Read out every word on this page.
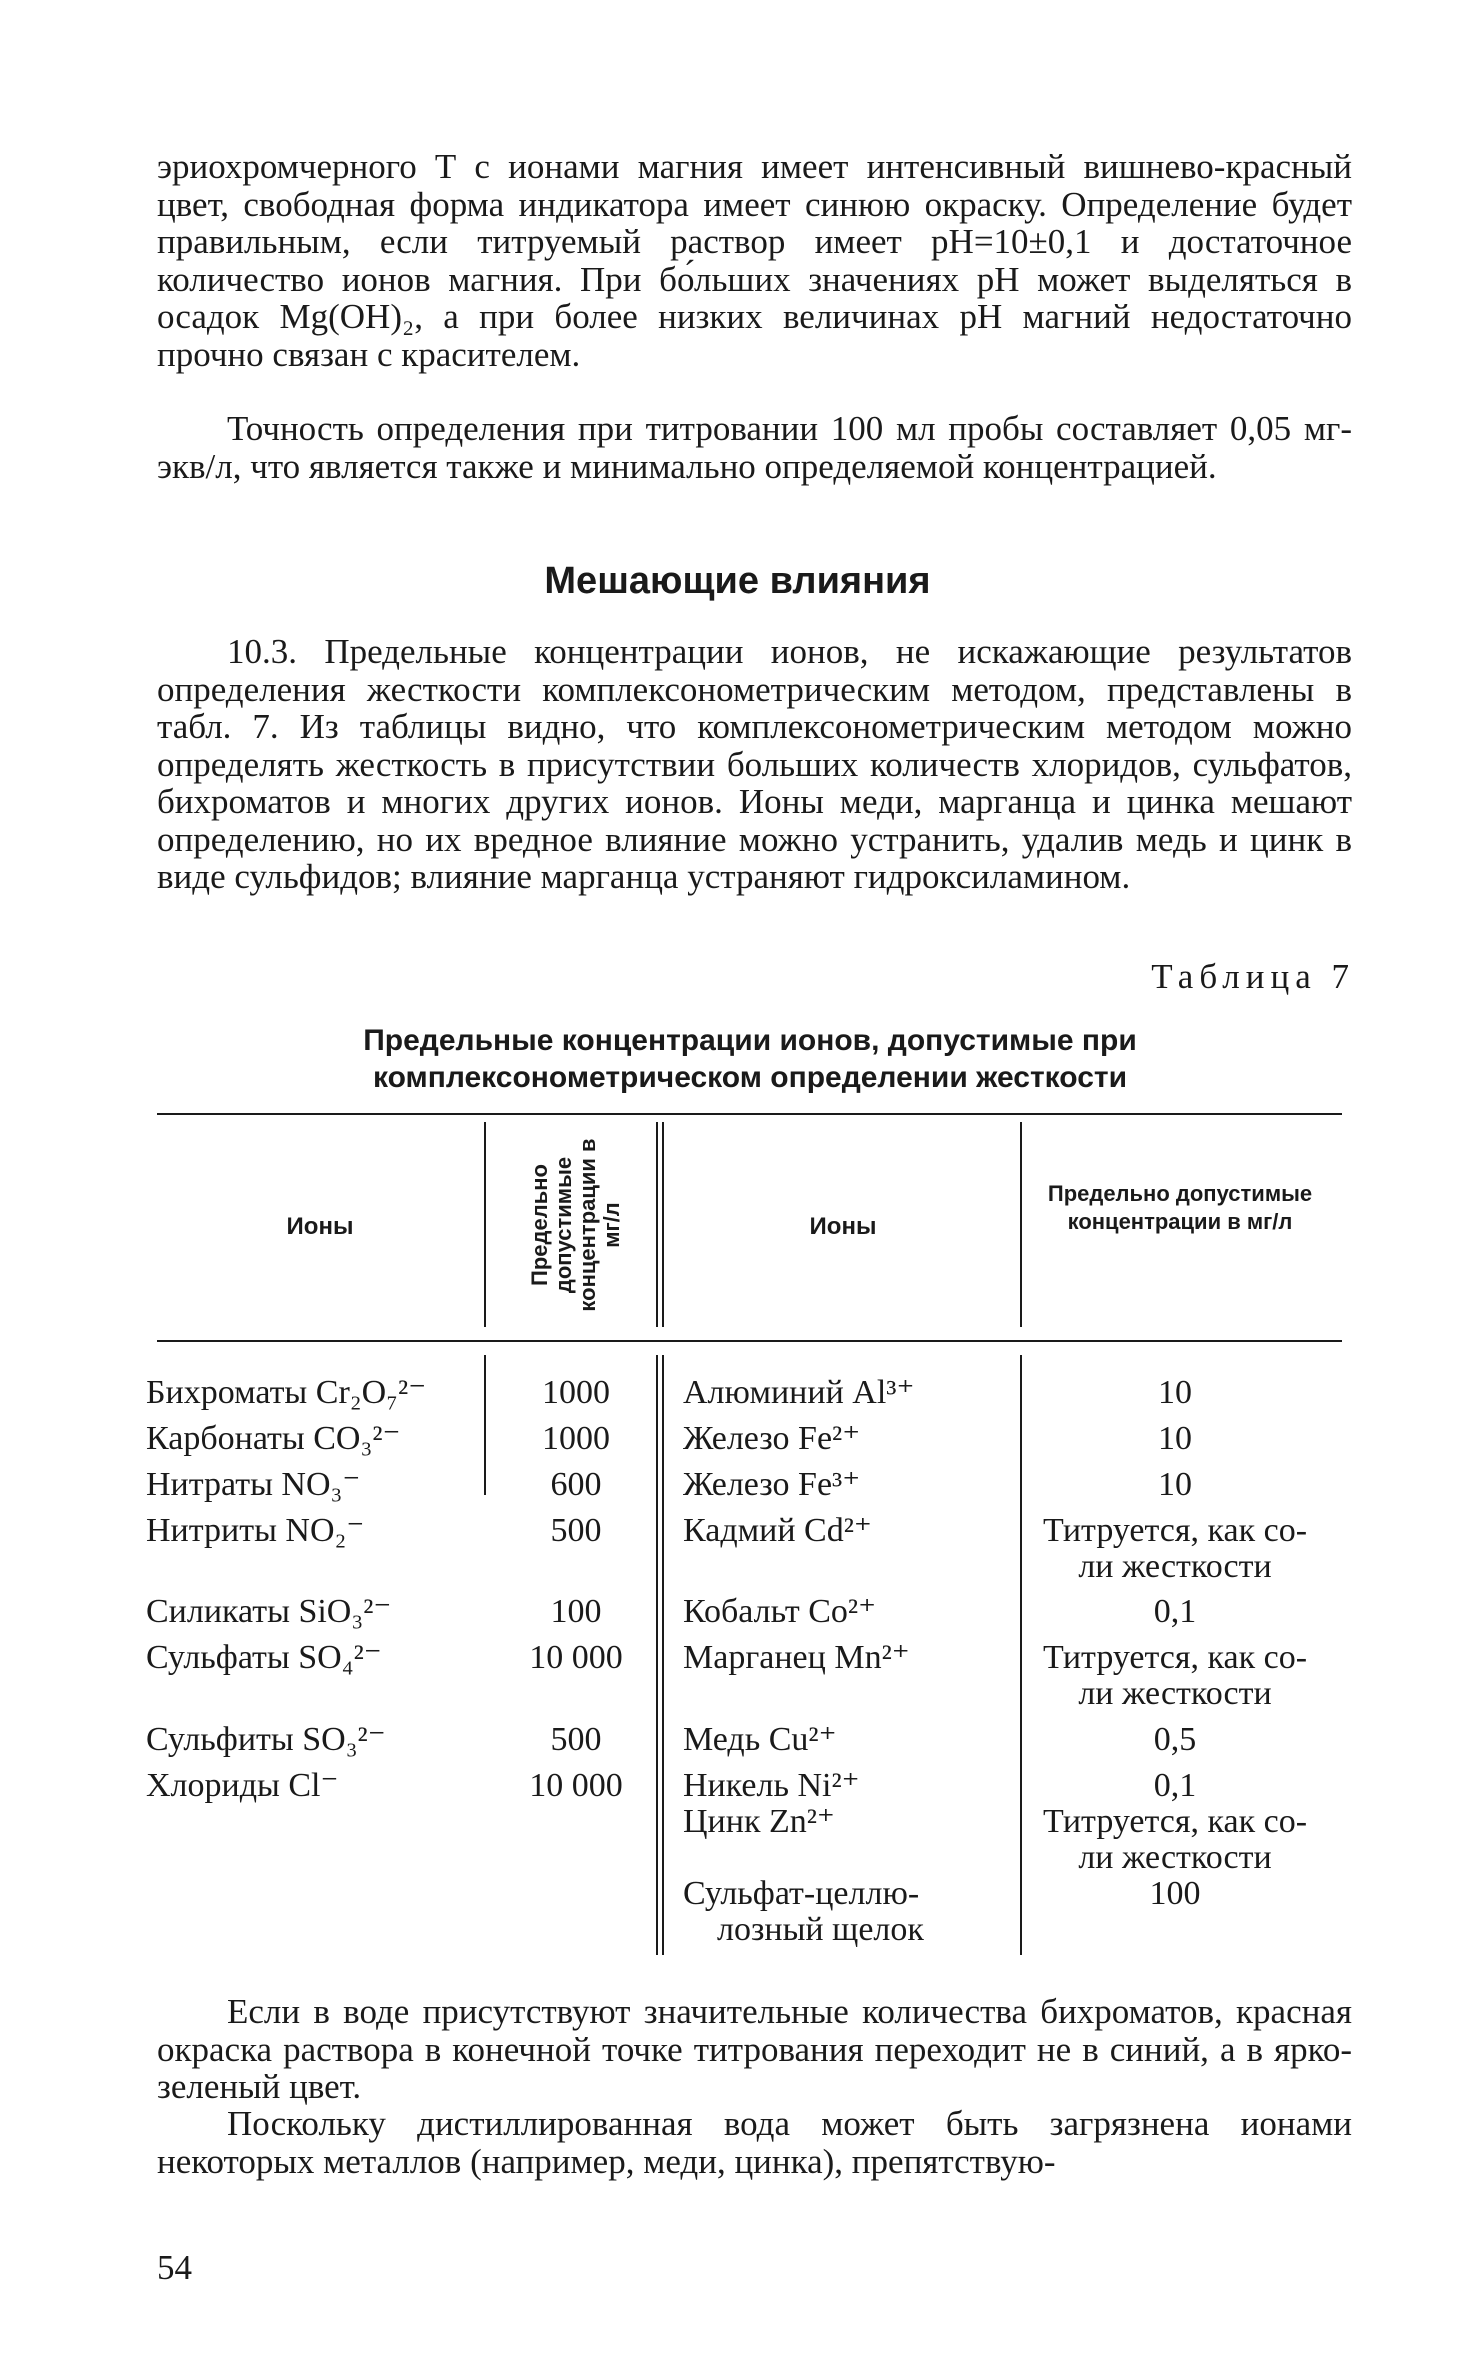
эриохромчерного Т с ионами магния имеет интенсивный вишнево-красный цвет, свободная форма индикатора имеет синюю окраску. Определение будет правильным, если титруемый раствор имеет pH=10±0,1 и достаточное количество ионов магния. При бо́льших значениях pH может выделяться в осадок Mg(OH)₂, а при более низких величинах pH магний недостаточно прочно связан с красителем.

Точность определения при титровании 100 мл пробы составляет 0,05 мг-экв/л, что является также и минимально определяемой концентрацией.

Мешающие влияния

10.3. Предельные концентрации ионов, не искажающие результатов определения жесткости комплексонометрическим методом, представлены в табл. 7. Из таблицы видно, что комплексонометрическим методом можно определять жесткость в присутствии больших количеств хлоридов, сульфатов, бихроматов и многих других ионов. Ионы меди, марганца и цинка мешают определению, но их вредное влияние можно устранить, удалив медь и цинк в виде сульфидов; влияние марганца устраняют гидроксиламином.

Таблица 7
Предельные концентрации ионов, допустимые при
комплексонометрическом определении жесткости
Ионы	Предельно допустимые концентрации в мг/л	Ионы
Предельно допустимые концентрации в мг/л
Бихроматы Cr₂O₇²⁻
Карбонаты CO₃²⁻
Нитраты NO₃⁻
Нитриты NO₂⁻
Силикаты SiO₃²⁻
Сульфаты SO₄²⁻
Сульфиты SO₃²⁻
Хлориды Cl⁻
1000
1000
600
500
100
10 000
500
10 000
Алюминий Al³⁺
Железо Fe²⁺
Железо Fe³⁺
Кадмий Cd²⁺
Кобальт Co²⁺
Марганец Mn²⁺
Медь Cu²⁺
Никель Ni²⁺
Цинк Zn²⁺
Сульфат-целлю-
лозный щелок
10
10
10
Титруется, как со-
ли жесткости
0,1
Титруется, как со-
ли жесткости
0,5
0,1
Титруется, как со-
ли жесткости
100

Если в воде присутствуют значительные количества бихроматов, красная окраска раствора в конечной точке титрования переходит не в синий, а в ярко-зеленый цвет.

Поскольку дистиллированная вода может быть загрязнена ионами некоторых металлов (например, меди, цинка), препятствую-

54
